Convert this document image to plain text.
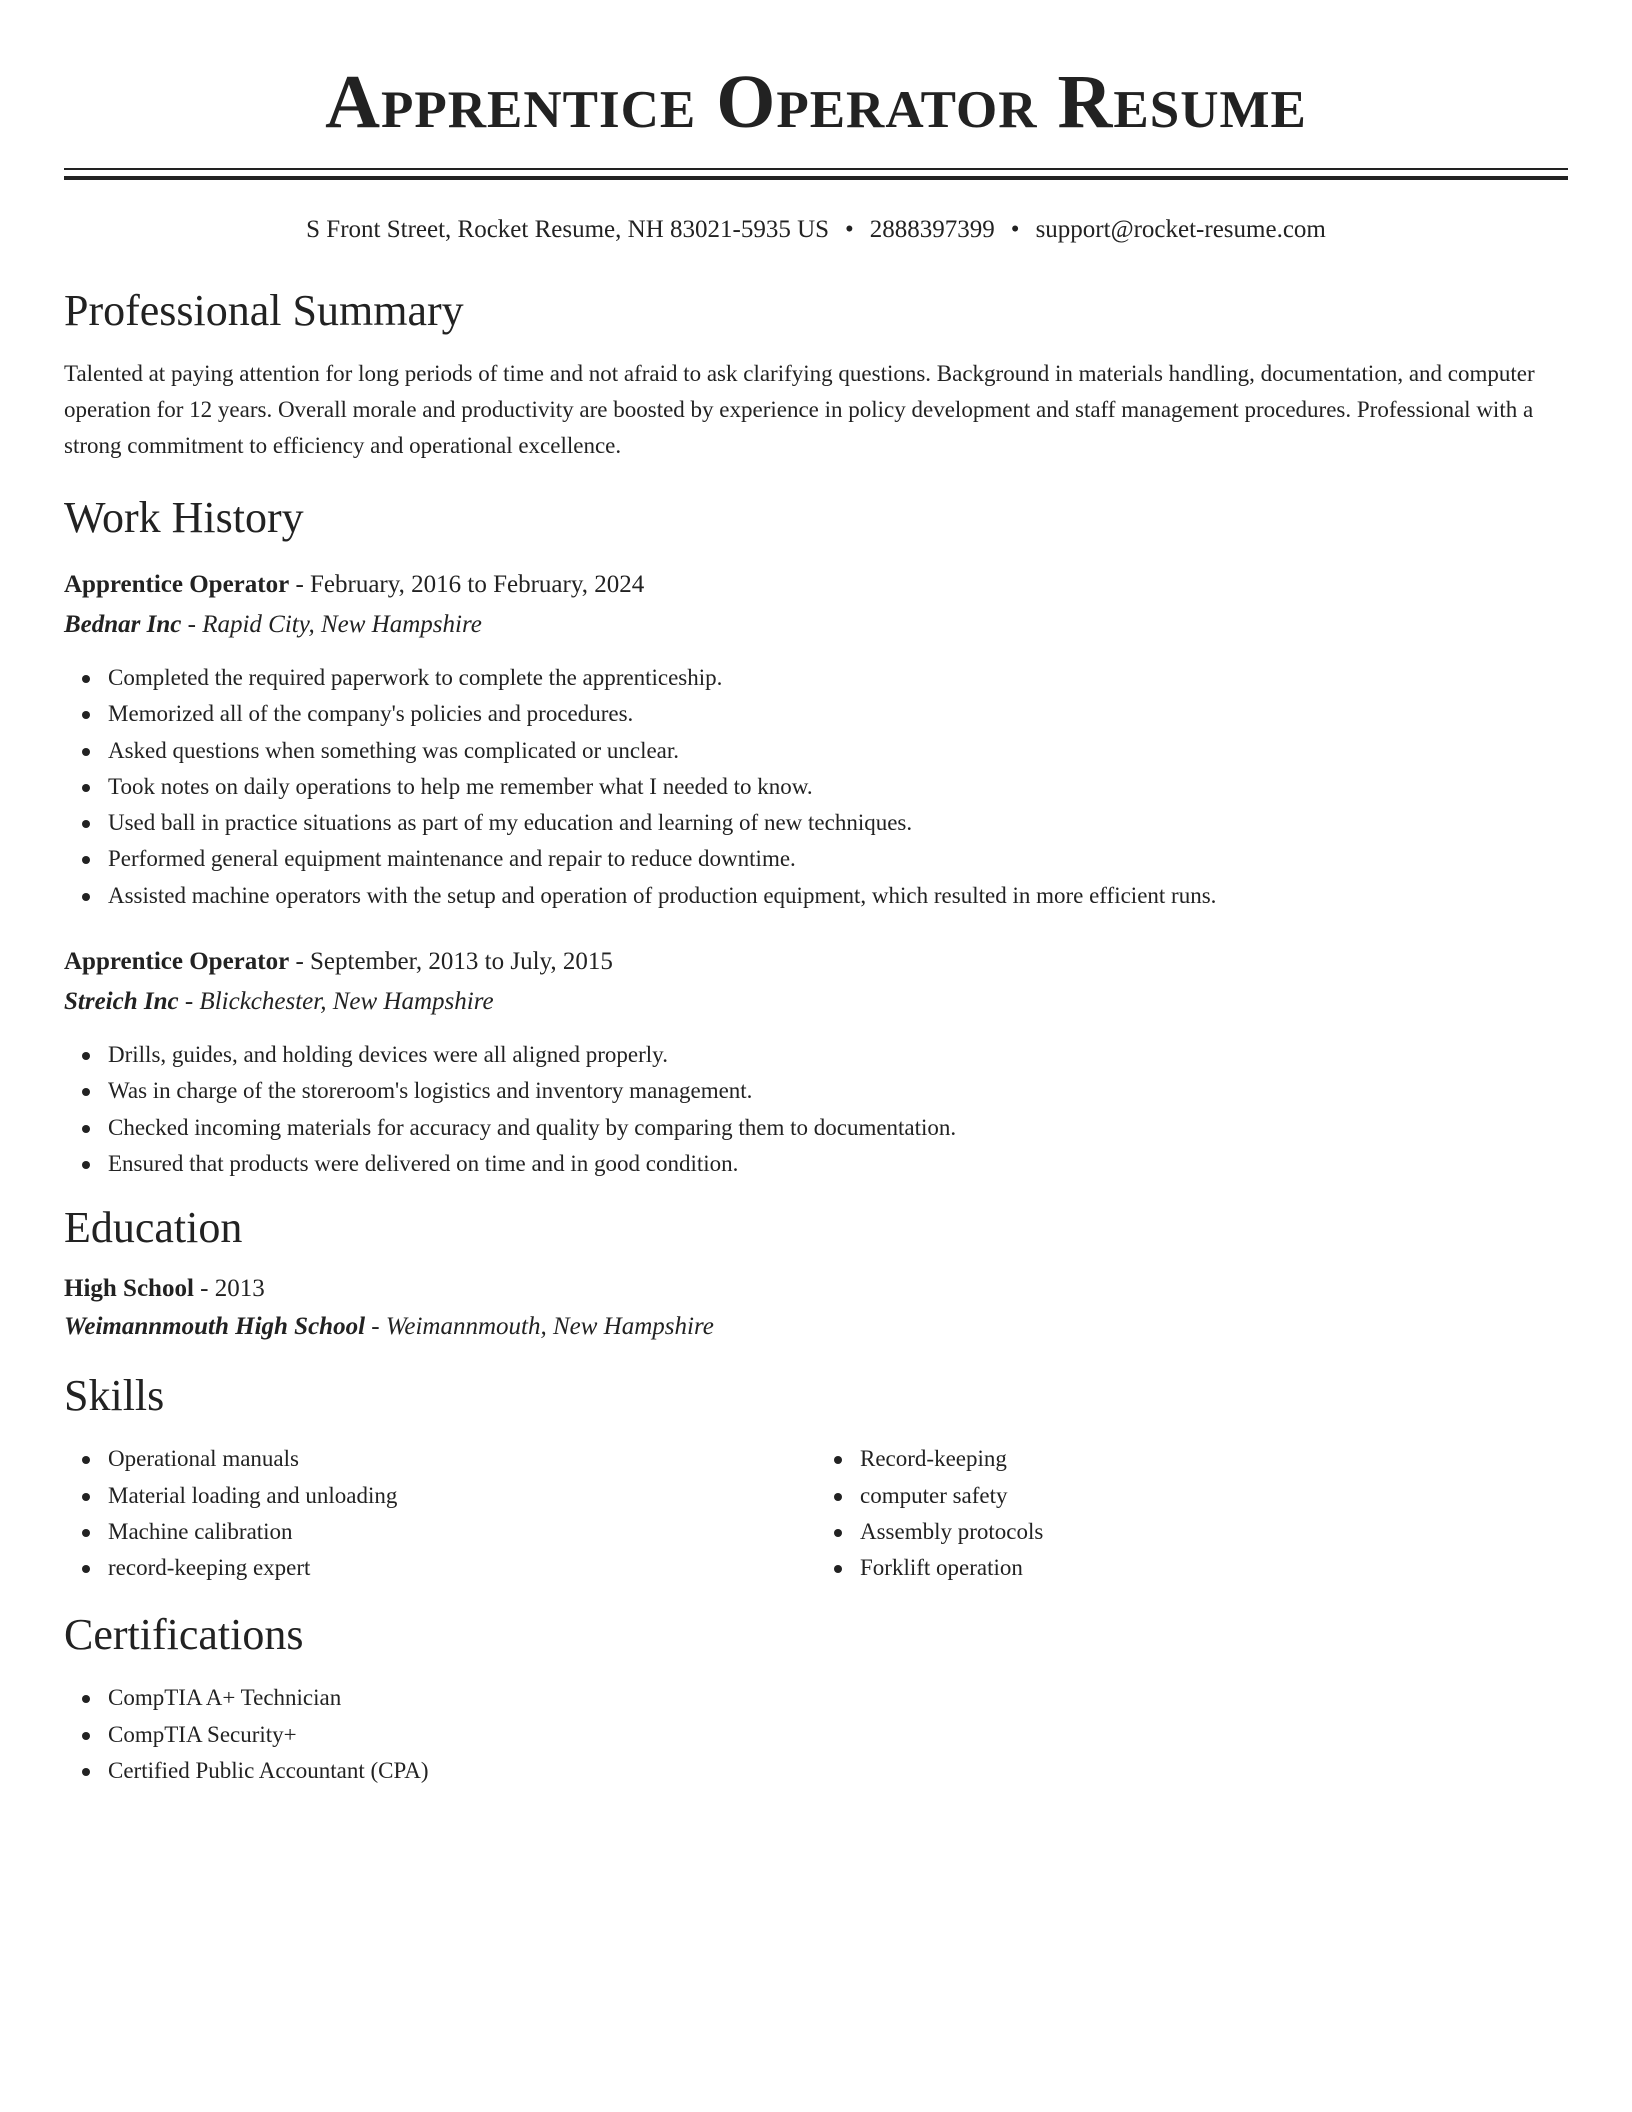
Apprentice Operator Resume
S Front Street, Rocket Resume, NH 83021-5935 US • 2888397399 • support@rocket-resume.com
Professional Summary
Talented at paying attention for long periods of time and not afraid to ask clarifying questions. Background in materials handling, documentation, and computer operation for 12 years. Overall morale and productivity are boosted by experience in policy development and staff management procedures. Professional with a strong commitment to efficiency and operational excellence.
Work History
Apprentice Operator - February, 2016 to February, 2024
Bednar Inc - Rapid City, New Hampshire
Completed the required paperwork to complete the apprenticeship.
Memorized all of the company's policies and procedures.
Asked questions when something was complicated or unclear.
Took notes on daily operations to help me remember what I needed to know.
Used ball in practice situations as part of my education and learning of new techniques.
Performed general equipment maintenance and repair to reduce downtime.
Assisted machine operators with the setup and operation of production equipment, which resulted in more efficient runs.
Apprentice Operator - September, 2013 to July, 2015
Streich Inc - Blickchester, New Hampshire
Drills, guides, and holding devices were all aligned properly.
Was in charge of the storeroom's logistics and inventory management.
Checked incoming materials for accuracy and quality by comparing them to documentation.
Ensured that products were delivered on time and in good condition.
Education
High School - 2013
Weimannmouth High School - Weimannmouth, New Hampshire
Skills
Operational manuals
Material loading and unloading
Machine calibration
record-keeping expert
Record-keeping
computer safety
Assembly protocols
Forklift operation
Certifications
CompTIA A+ Technician
CompTIA Security+
Certified Public Accountant (CPA)
